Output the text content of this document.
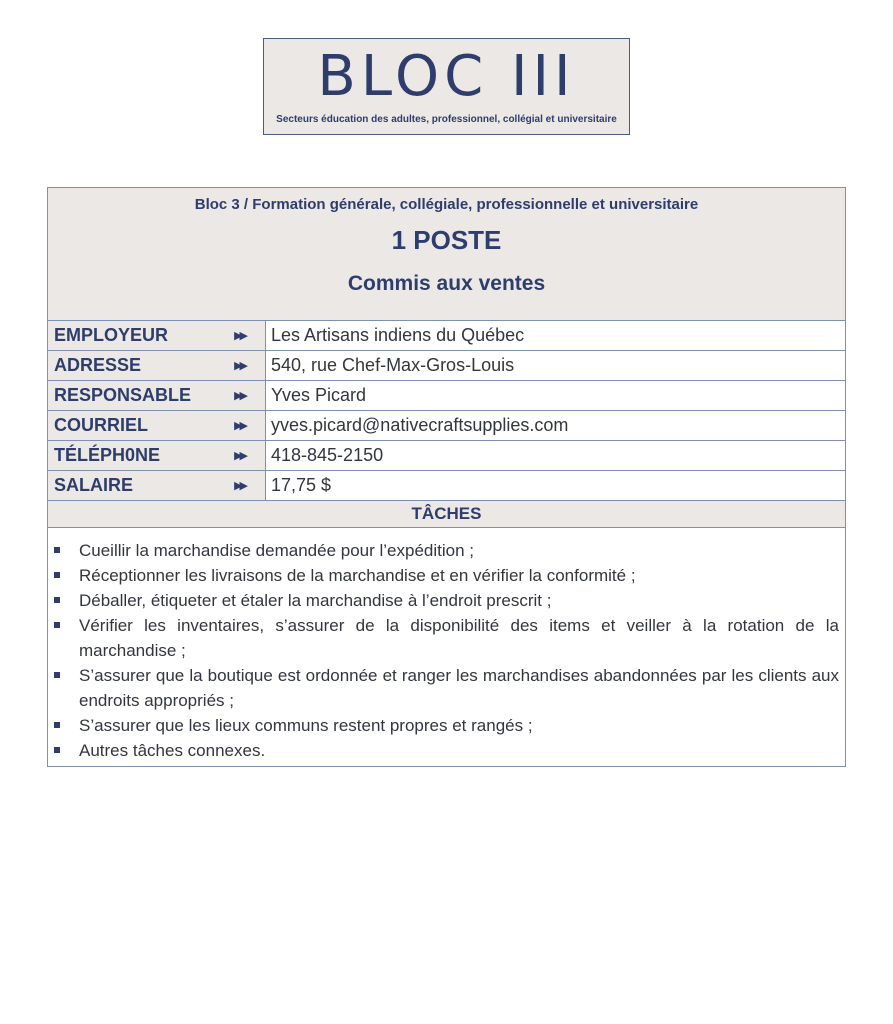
BLOC III
Secteurs éducation des adultes, professionnel, collégial et universitaire
Bloc 3 / Formation générale, collégiale, professionnelle et universitaire
1 POSTE
Commis aux ventes
EMPLOYEUR	▶▶ Les Artisans indiens du Québec
ADRESSE	▶▶ 540, rue Chef-Max-Gros-Louis
RESPONSABLE	▶▶ Yves Picard
COURRIEL	▶▶ yves.picard@nativecraftsupplies.com
TÉLÉPH0NE	▶▶ 418-845-2150
SALAIRE	▶▶ 17,75 $
TÂCHES
Cueillir la marchandise demandée pour l’expédition ;
Réceptionner les livraisons de la marchandise et en vérifier la conformité ;
Déballer, étiqueter et étaler la marchandise à l’endroit prescrit ;
Vérifier les inventaires, s’assurer de la disponibilité des items et veiller à la rotation de la marchandise ;
S’assurer que la boutique est ordonnée et ranger les marchandises abandonnées par les clients aux endroits appropriés ;
S’assurer que les lieux communs restent propres et rangés ;
Autres tâches connexes.
